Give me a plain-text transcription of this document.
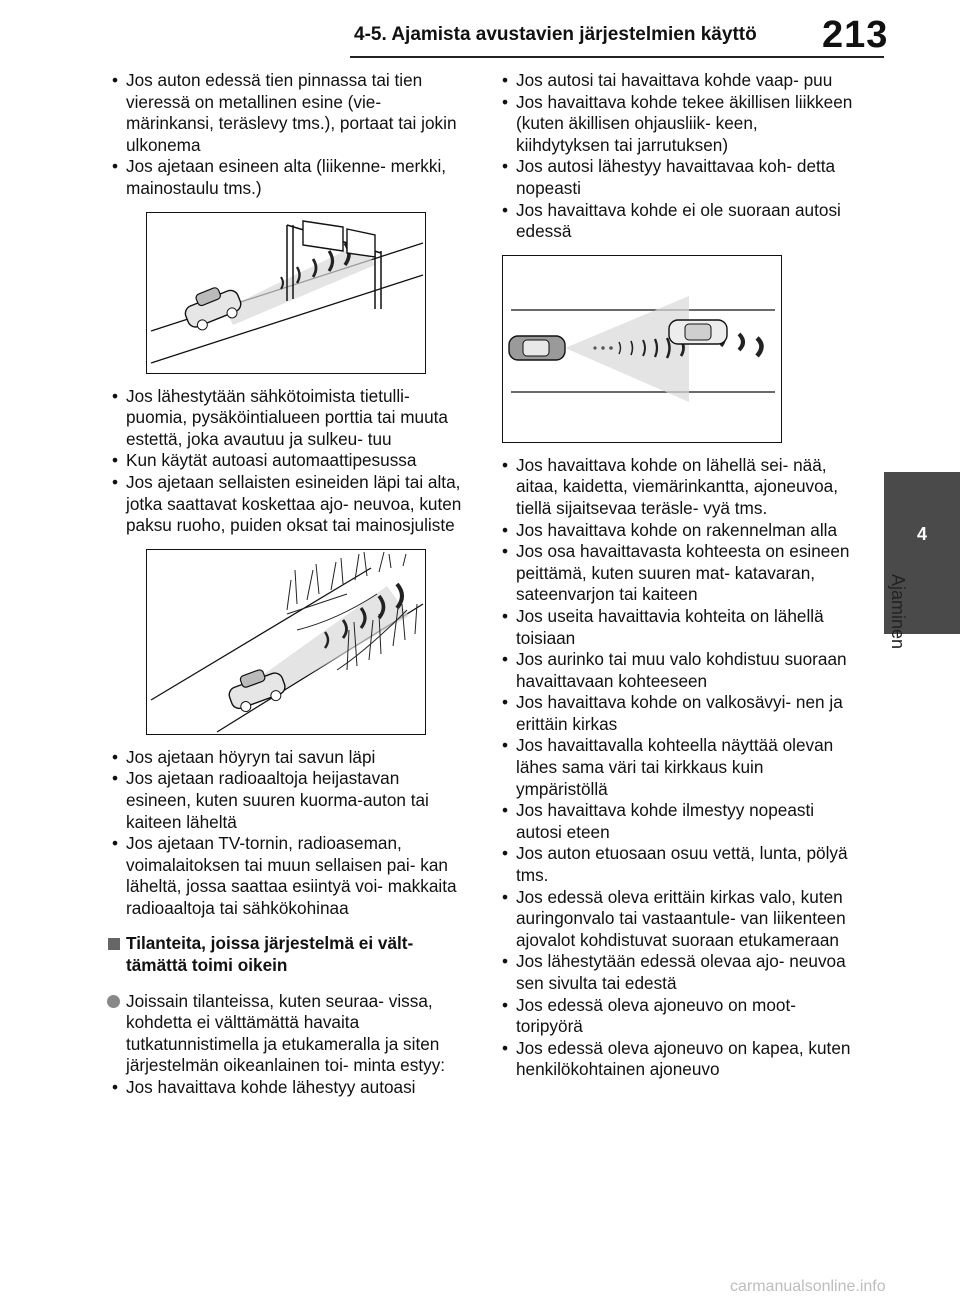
4-5. Ajamista avustavien järjestelmien käyttö 213
4
Ajaminen
• Jos auton edessä tien pinnassa tai tien vieressä on metallinen esine (vie- märinkansi, teräslevy tms.), portaat tai jokin ulkonema
• Jos ajetaan esineen alta (liikenne- merkki, mainostaulu tms.)
• Jos lähestytään sähkötoimista tietulli- puomia, pysäköintialueen porttia tai muuta estettä, joka avautuu ja sulkeu- tuu
• Kun käytät autoasi automaattipesussa
• Jos ajetaan sellaisten esineiden läpi tai alta, jotka saattavat koskettaa ajo- neuvoa, kuten paksu ruoho, puiden oksat tai mainosjuliste
• Jos ajetaan höyryn tai savun läpi
• Jos ajetaan radioaaltoja heijastavan esineen, kuten suuren kuorma-auton tai kaiteen läheltä
• Jos ajetaan TV-tornin, radioaseman, voimalaitoksen tai muun sellaisen pai- kan läheltä, jossa saattaa esiintyä voi- makkaita radioaaltoja tai sähkökohinaa
Tilanteita, joissa järjestelmä ei vält- tämättä toimi oikein
Joissain tilanteissa, kuten seuraa- vissa, kohdetta ei välttämättä havaita tutkatunnistimella ja etukameralla ja siten järjestelmän oikeanlainen toi- minta estyy:
• Jos havaittava kohde lähestyy autoasi
• Jos autosi tai havaittava kohde vaap- puu
• Jos havaittava kohde tekee äkillisen liikkeen (kuten äkillisen ohjausliik- keen, kiihdytyksen tai jarrutuksen)
• Jos autosi lähestyy havaittavaa koh- detta nopeasti
• Jos havaittava kohde ei ole suoraan autosi edessä
• Jos havaittava kohde on lähellä sei- nää, aitaa, kaidetta, viemärinkantta, ajoneuvoa, tiellä sijaitsevaa teräsle- vyä tms.
• Jos havaittava kohde on rakennelman alla
• Jos osa havaittavasta kohteesta on esineen peittämä, kuten suuren mat- katavaran, sateenvarjon tai kaiteen
• Jos useita havaittavia kohteita on lähellä toisiaan
• Jos aurinko tai muu valo kohdistuu suoraan havaittavaan kohteeseen
• Jos havaittava kohde on valkosävyi- nen ja erittäin kirkas
• Jos havaittavalla kohteella näyttää olevan lähes sama väri tai kirkkaus kuin ympäristöllä
• Jos havaittava kohde ilmestyy nopeasti autosi eteen
• Jos auton etuosaan osuu vettä, lunta, pölyä tms.
• Jos edessä oleva erittäin kirkas valo, kuten auringonvalo tai vastaantule- van liikenteen ajovalot kohdistuvat suoraan etukameraan
• Jos lähestytään edessä olevaa ajo- neuvoa sen sivulta tai edestä
• Jos edessä oleva ajoneuvo on moot- toripyörä
• Jos edessä oleva ajoneuvo on kapea, kuten henkilökohtainen ajoneuvo
carmanualsonline.info
